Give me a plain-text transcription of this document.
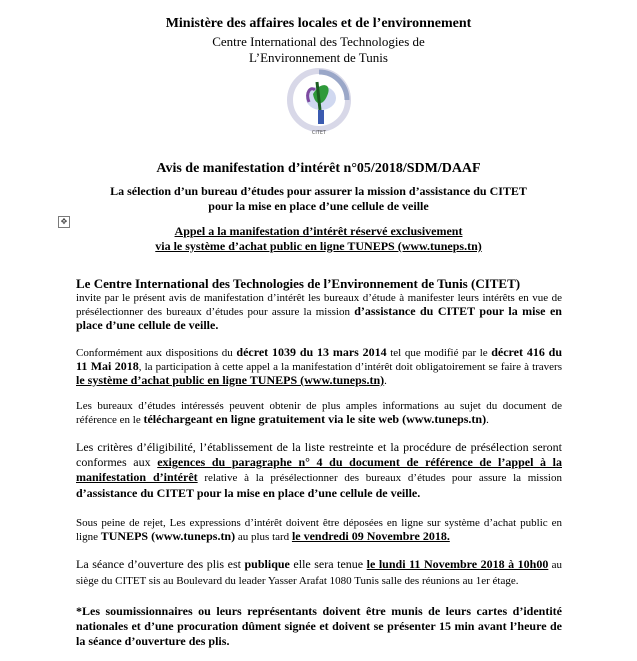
Ministère des affaires locales et de l’environnement
Centre International des Technologies de
L’Environnement de Tunis
CITET
Avis de manifestation d’intérêt n°05/2018/SDM/DAAF
La sélection d’un bureau d’études pour assurer la mission d’assistance du CITET
pour la mise en place d’une cellule de veille
✥
Appel a la manifestation d’intérêt réservé exclusivement
via le système d’achat public en ligne TUNEPS (www.tuneps.tn)
Le Centre International des Technologies de l’Environnement de Tunis (CITET)
invite par le présent avis de manifestation d’intérêt les bureaux d’étude à manifester leurs intérêts en vue de présélectionner des bureaux d’études pour assure la mission d’assistance du CITET pour la mise en place d’une cellule de veille.
Conformément aux dispositions du décret 1039 du 13 mars 2014 tel que modifié par le décret 416 du 11 Mai 2018, la participation à cette appel a la manifestation d’intérêt doit obligatoirement se faire à travers le système d’achat public en ligne TUNEPS (www.tuneps.tn).
Les bureaux d’études intéressés peuvent obtenir de plus amples informations au sujet du document de référence en le téléchargeant en ligne gratuitement via le site web (www.tuneps.tn).
Les critères d’éligibilité, l’établissement de la liste restreinte et la procédure de présélection seront conformes aux exigences du paragraphe n° 4 du document de référence de l’appel à la manifestation d’intérêt relative à la présélectionner des bureaux d’études pour assure la mission d’assistance du CITET pour la mise en place d’une cellule de veille.
Sous peine de rejet, Les expressions d’intérêt doivent être déposées en ligne sur système d’achat public en ligne TUNEPS (www.tuneps.tn) au plus tard le vendredi 09 Novembre 2018.
La séance d’ouverture des plis est publique elle sera tenue le lundi 11 Novembre 2018 à 10h00 au siège du CITET sis au Boulevard du leader Yasser Arafat 1080 Tunis salle des réunions au 1er étage.
*Les soumissionnaires ou leurs représentants doivent être munis de leurs cartes d’identité nationales et d’une procuration dûment signée et doivent se présenter 15 min avant l’heure de la séance d’ouverture des plis.
